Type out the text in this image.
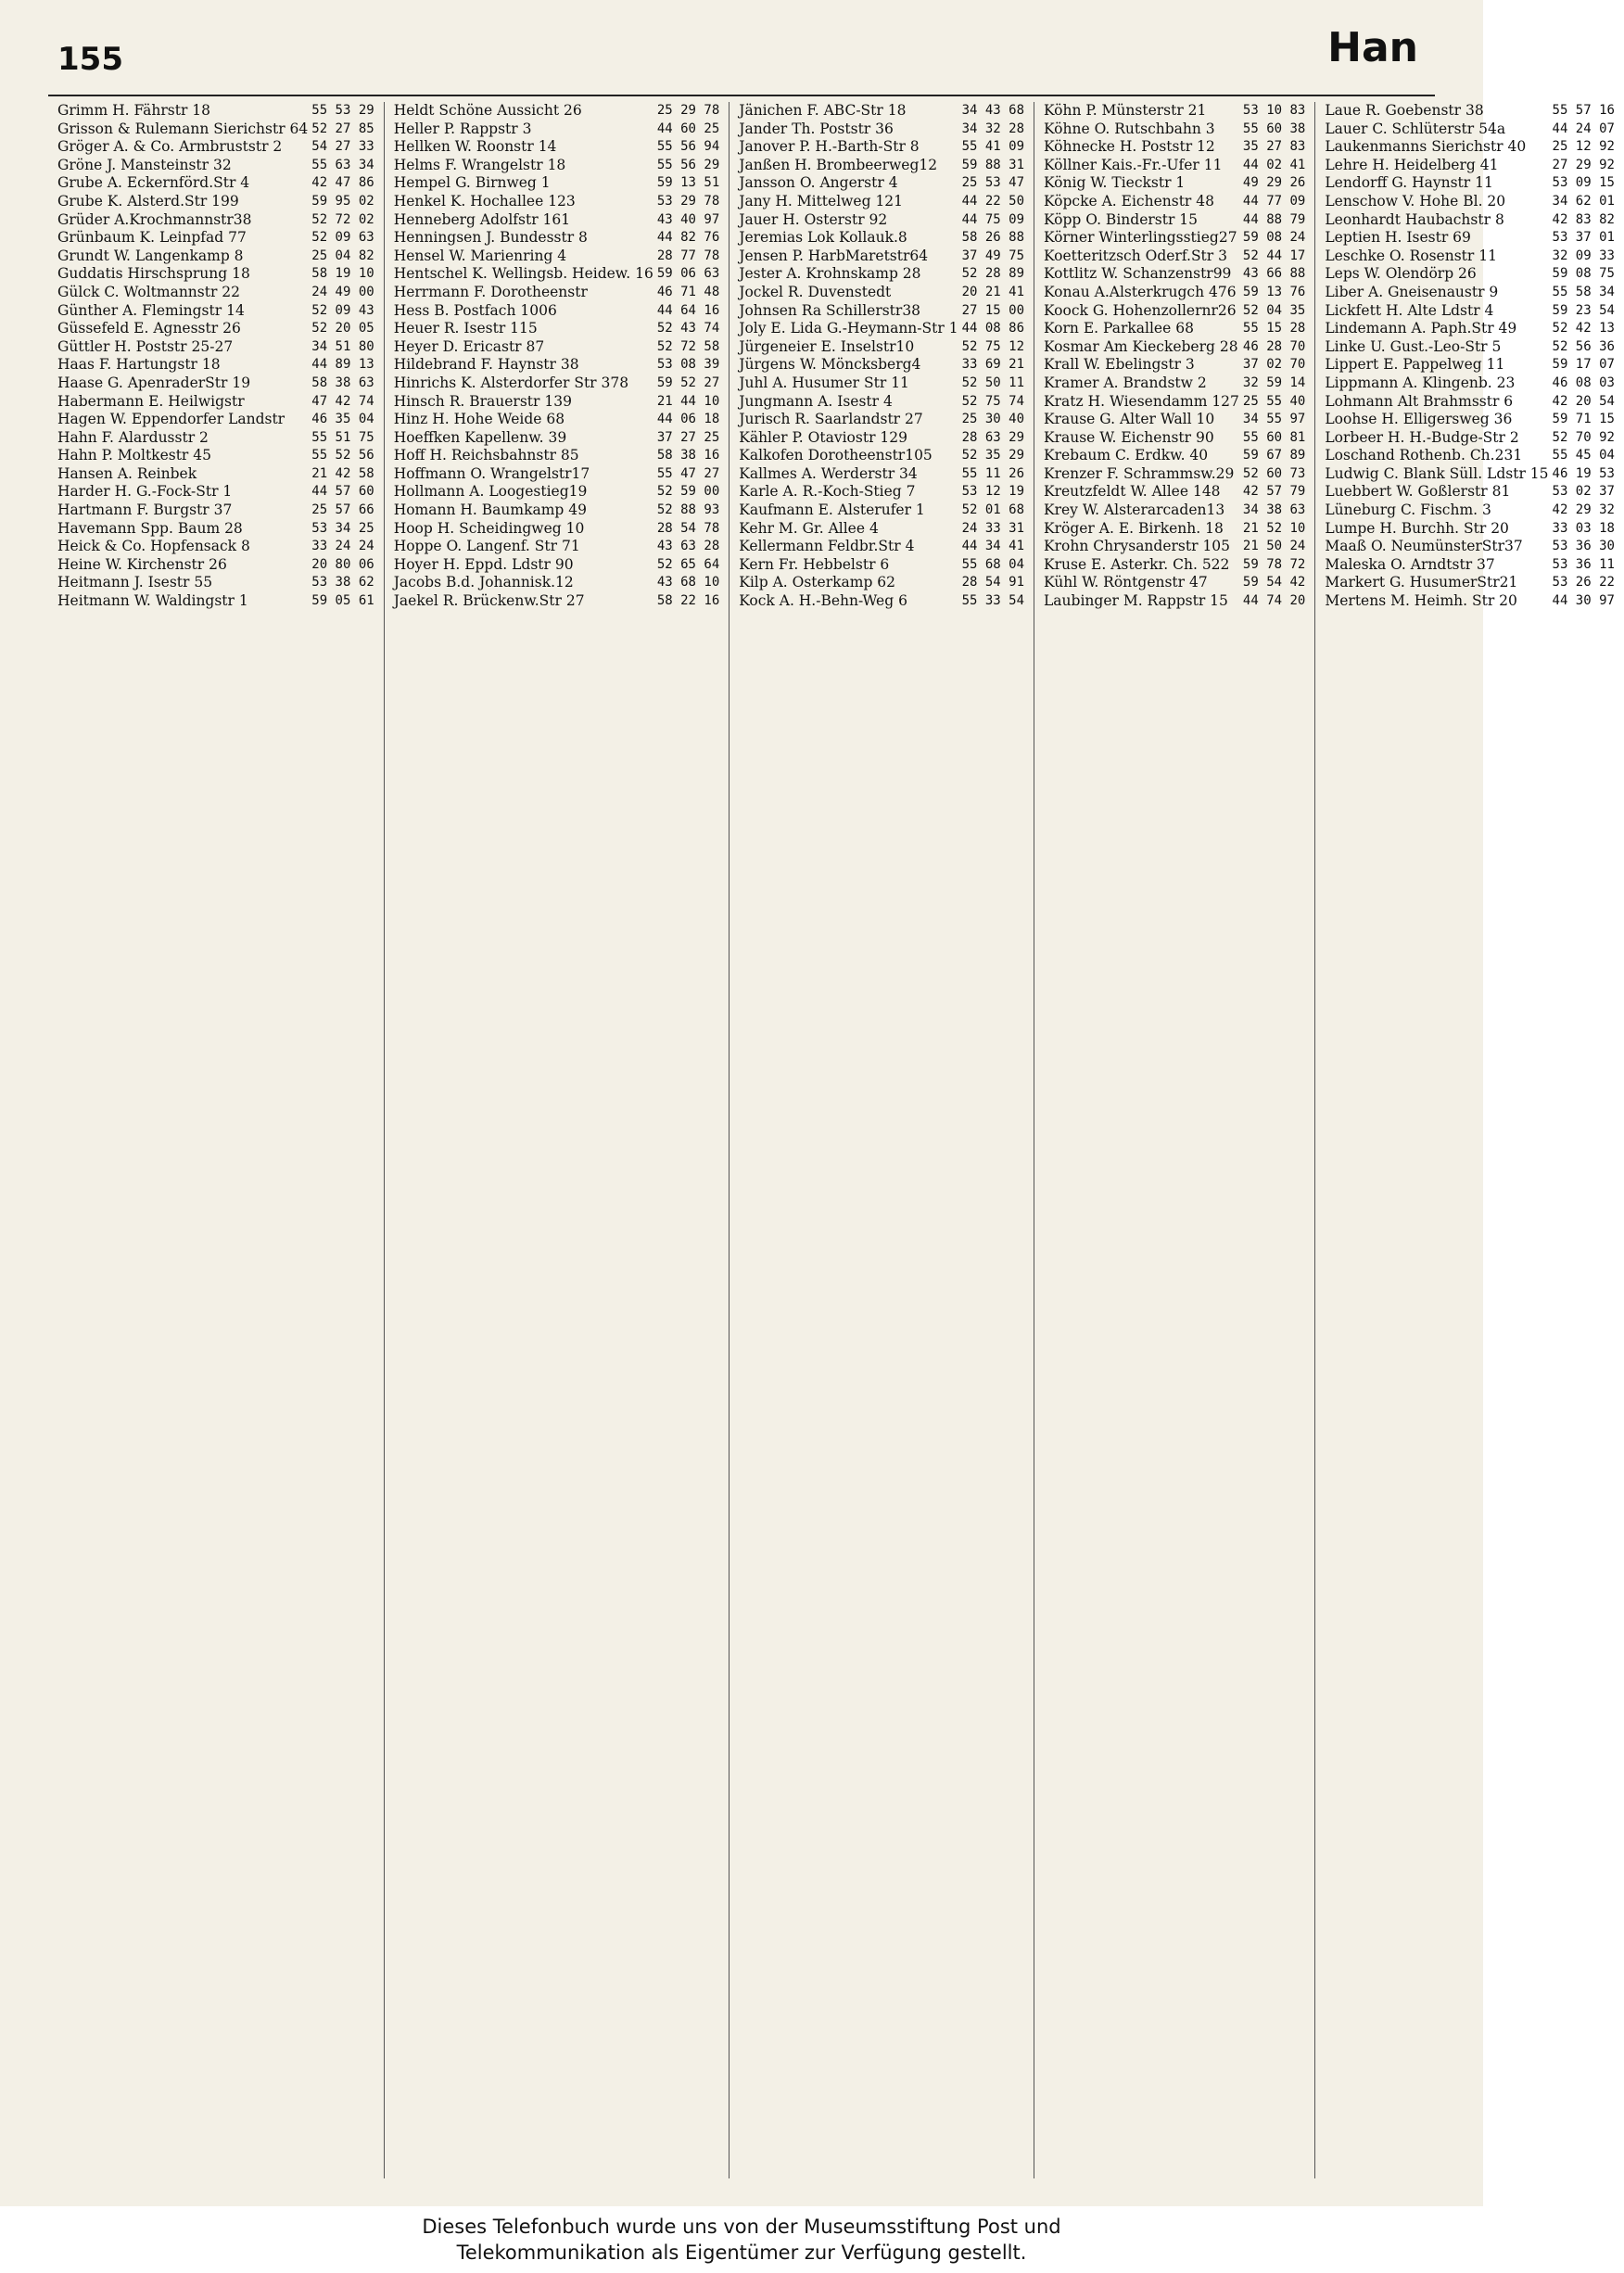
155	Han
Grimm H. Fährstr 18	55 53 29
Grisson & Rulemann Sierichstr 64 52 27 85
Gröger A. & Co. Armbruststr 2 54 27 33
Gröne J. Mansteinstr 32	55 63 34
Grube A. Eckernförd.Str 4	42 47 86
Grube K. Alsterd.Str 199	59 95 02
Grüder A.Krochmannstr38	52 72 02
Grünbaum K. Leinpfad 77	52 09 63
Grundt W. Langenkamp 8	25 04 82
Guddatis Hirschsprung 18	58 19 10
Gülck C. Woltmannstr 22	24 49 00
Günther A. Flemingstr 14	52 09 43
Güssefeld E. Agnesstr 26	52 20 05
Güttler H. Poststr 25-27	34 51 80
Haas F. Hartungstr 18	44 89 13
Haase G. ApenraderStr 19	58 38 63
Habermann E. Heilwigstr	47 42 74
Hagen W. Eppendorfer Landstr 46 35 04
Hahn F. Alardusstr 2	55 51 75
Hahn P. Moltkestr 45	55 52 56
Hansen A. Reinbek	21 42 58
Harder H. G.-Fock-Str 1	44 57 60
Hartmann F. Burgstr 37	25 57 66
Havemann Spp. Baum 28	53 34 25
Heick & Co. Hopfensack 8	33 24 24
Heine W. Kirchenstr 26	20 80 06
Heitmann J. Isestr 55	53 38 62
Heitmann W. Waldingstr 1	59 05 61
Heldt Schöne Aussicht 26	25 29 78
Heller P. Rappstr 3	44 60 25
Hellken W. Roonstr 14	55 56 94
Helms F. Wrangelstr 18	55 56 29
Hempel G. Birnweg 1	59 13 51
Henkel K. Hochallee 123	53 29 78
Henneberg Adolfstr 161	43 40 97
Henningsen J. Bundesstr 8	44 82 76
Hensel W. Marienring 4	28 77 78
Hentschel K. Wellingsb. Heidew. 16 59 06 63
Herrmann F. Dorotheenstr	46 71 48
Hess B. Postfach 1006	44 64 16
Heuer R. Isestr 115	52 43 74
Heyer D. Ericastr 87	52 72 58
Hildebrand F. Haynstr 38	53 08 39
Hinrichs K. Alsterdorfer Str 378 59 52 27
Hinsch R. Brauerstr 139	21 44 10
Hinz H. Hohe Weide 68	44 06 18
Hoeffken Kapellenw. 39	37 27 25
Hoff H. Reichsbahnstr 85	58 38 16
Hoffmann O. Wrangelstr17	55 47 27
Hollmann A. Loogestieg19	52 59 00
Homann H. Baumkamp 49	52 88 93
Hoop H. Scheidingweg 10	28 54 78
Hoppe O. Langenf. Str 71	43 63 28
Hoyer H. Eppd. Ldstr 90	52 65 64
Jacobs B.d. Johannisk.12	43 68 10
Jaekel R. Brückenw.Str 27	58 22 16
Jänichen F. ABC-Str 18	34 43 68
Jander Th. Poststr 36	34 32 28
Janover P. H.-Barth-Str 8	55 41 09
Janßen H. Brombeerweg12 59 88 31
Jansson O. Angerstr 4	25 53 47
Jany H. Mittelweg 121	44 22 50
Jauer H. Osterstr 92	44 75 09
Jeremias Lok Kollauk.8	58 26 88
Jensen P. HarbMaretstr64	37 49 75
Jester A. Krohnskamp 28	52 28 89
Jockel R. Duvenstedt	20 21 41
Johnsen Ra Schillerstr38	27 15 00
Joly E. Lida G.-Heymann-Str 1 44 08 86
Jürgeneier E. Inselstr10	52 75 12
Jürgens W. Möncksberg4	33 69 21
Juhl A. Husumer Str 11	52 50 11
Jungmann A. Isestr 4	52 75 74
Jurisch R. Saarlandstr 27	25 30 40
Kähler P. Otaviostr 129	28 63 29
Kalkofen Dorotheenstr105 52 35 29
Kallmes A. Werderstr 34	55 11 26
Karle A. R.-Koch-Stieg 7	53 12 19
Kaufmann E. Alsterufer 1	52 01 68
Kehr M. Gr. Allee 4	24 33 31
Kellermann Feldbr.Str 4	44 34 41
Kern Fr. Hebbelstr 6	55 68 04
Kilp A. Osterkamp 62	28 54 91
Kock A. H.-Behn-Weg 6	55 33 54
Köhn P. Münsterstr 21	53 10 83
Köhne O. Rutschbahn 3 55 60 38
Köhnecke H. Poststr 12 35 27 83
Köllner Kais.-Fr.-Ufer 11 44 02 41
König W. Tieckstr 1	49 29 26
Köpcke A. Eichenstr 48 44 77 09
Köpp O. Binderstr 15	44 88 79
Körner Winterlingsstieg27 59 08 24
Koetteritzsch Oderf.Str 3 52 44 17
Kottlitz W. Schanzenstr99 43 66 88
Konau A.Alsterkrugch 476 59 13 76
Koock G. Hohenzollernr26 52 04 35
Korn E. Parkallee 68	55 15 28
Kosmar Am Kieckeberg 28 46 28 70
Krall W. Ebelingstr 3	37 02 70
Kramer A. Brandstw 2	32 59 14
Kratz H. Wiesendamm 127 25 55 40
Krause G. Alter Wall 10 34 55 97
Krause W. Eichenstr 90 55 60 81
Krebaum C. Erdkw. 40	59 67 89
Krenzer F. Schrammsw.29 52 60 73
Kreutzfeldt W. Allee 148 42 57 79
Krey W. Alsterarcaden13 34 38 63
Kröger A. E. Birkenh. 18 21 52 10
Krohn Chrysanderstr 105 21 50 24
Kruse E. Asterkr. Ch. 522 59 78 72
Kühl W. Röntgenstr 47	59 54 42
Laubinger M. Rappstr 15 44 74 20
Laue R. Goebenstr 38	55 57 16
Lauer C. Schlüterstr 54a	44 24 07
Laukenmanns Sierichstr 40 25 12 92
Lehre H. Heidelberg 41	27 29 92
Lendorff G. Haynstr 11	53 09 15
Lenschow V. Hohe Bl. 20	34 62 01
Leonhardt Haubachstr 8	42 83 82
Leptien H. Isestr 69	53 37 01
Leschke O. Rosenstr 11	32 09 33
Leps W. Olendörp 26	59 08 75
Liber A. Gneisenaustr 9	55 58 34
Lickfett H. Alte Ldstr 4	59 23 54
Lindemann A. Paph.Str 49	52 42 13
Linke U. Gust.-Leo-Str 5	52 56 36
Lippert E. Pappelweg 11	59 17 07
Lippmann A. Klingenb. 23	46 08 03
Lohmann Alt Brahmsstr 6	42 20 54
Loohse H. Elligersweg 36	59 71 15
Lorbeer H. H.-Budge-Str 2	52 70 92
Loschand Rothenb. Ch.231 55 45 04
Ludwig C. Blank Süll. Ldstr 15 46 19 53
Luebbert W. Goßlerstr 81	53 02 37
Lüneburg C. Fischm. 3	42 29 32
Lumpe H. Burchh. Str 20	33 03 18
Maaß O. NeumünsterStr37 53 36 30
Maleska O. Arndtstr 37	53 36 11
Markert G. HusumerStr21	53 26 22
Mertens M. Heimh. Str 20	44 30 97
Dieses Telefonbuch wurde uns von der Museumsstiftung Post und
Telekommunikation als Eigentümer zur Verfügung gestellt.
